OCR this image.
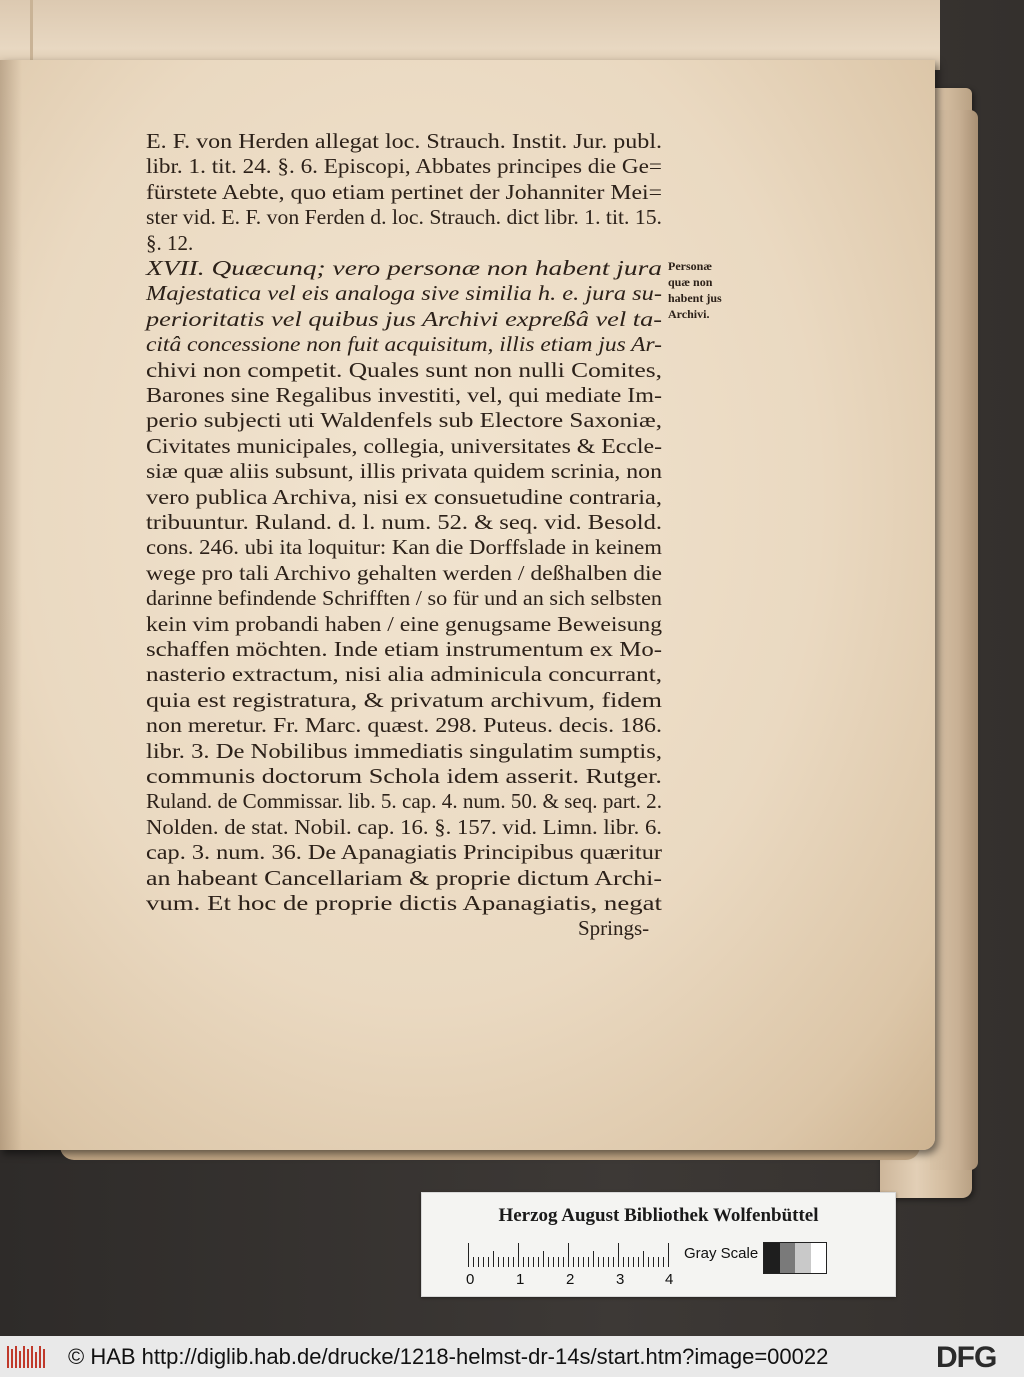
E. F. von Herden allegat loc. Strauch. Instit. Jur. publ.
libr. 1. tit. 24. §. 6. Episcopi, Abbates principes die Ge=
fürstete Aebte, quo etiam pertinet der Johanniter Mei=
ster vid. E. F. von Ferden d. loc. Strauch. dict libr. 1. tit. 15.
§. 12.
XVII. Quæcunq; vero personæ non habent jura
Majestatica vel eis analoga sive similia h. e. jura su-
perioritatis vel quibus jus Archivi expreßâ vel ta-
citâ concessione non fuit acquisitum, illis etiam jus Ar-
chivi non competit. Quales sunt non nulli Comites,
Barones sine Regalibus investiti, vel, qui mediate Im-
perio subjecti uti Waldenfels sub Electore Saxoniæ,
Civitates municipales, collegia, universitates & Eccle-
siæ quæ aliis subsunt, illis privata quidem scrinia, non
vero publica Archiva, nisi ex consuetudine contraria,
tribuuntur. Ruland. d. l. num. 52. & seq. vid. Besold.
cons. 246. ubi ita loquitur: Kan die Dorffslade in keinem
wege pro tali Archivo gehalten werden / deßhalben die
darinne befindende Schrifften / so für und an sich selbsten
kein vim probandi haben / eine genugsame Beweisung
schaffen möchten. Inde etiam instrumentum ex Mo-
nasterio extractum, nisi alia adminicula concurrant,
quia est registratura, & privatum archivum, fidem
non meretur. Fr. Marc. quæst. 298. Puteus. decis. 186.
libr. 3. De Nobilibus immediatis singulatim sumptis,
communis doctorum Schola idem asserit. Rutger.
Ruland. de Commissar. lib. 5. cap. 4. num. 50. & seq. part. 2.
Nolden. de stat. Nobil. cap. 16. §. 157. vid. Limn. libr. 6.
cap. 3. num. 36. De Apanagiatis Principibus quæritur
an habeant Cancellariam & proprie dictum Archi-
vum. Et hoc de proprie dictis Apanagiatis, negat
Springs-
Personæ
quæ non
habent jus
Archivi.
Herzog August Bibliothek Wolfenbüttel
0	1	2	3	4
Gray Scale
© HAB http://diglib.hab.de/drucke/1218-helmst-dr-14s/start.htm?image=00022	DFG
